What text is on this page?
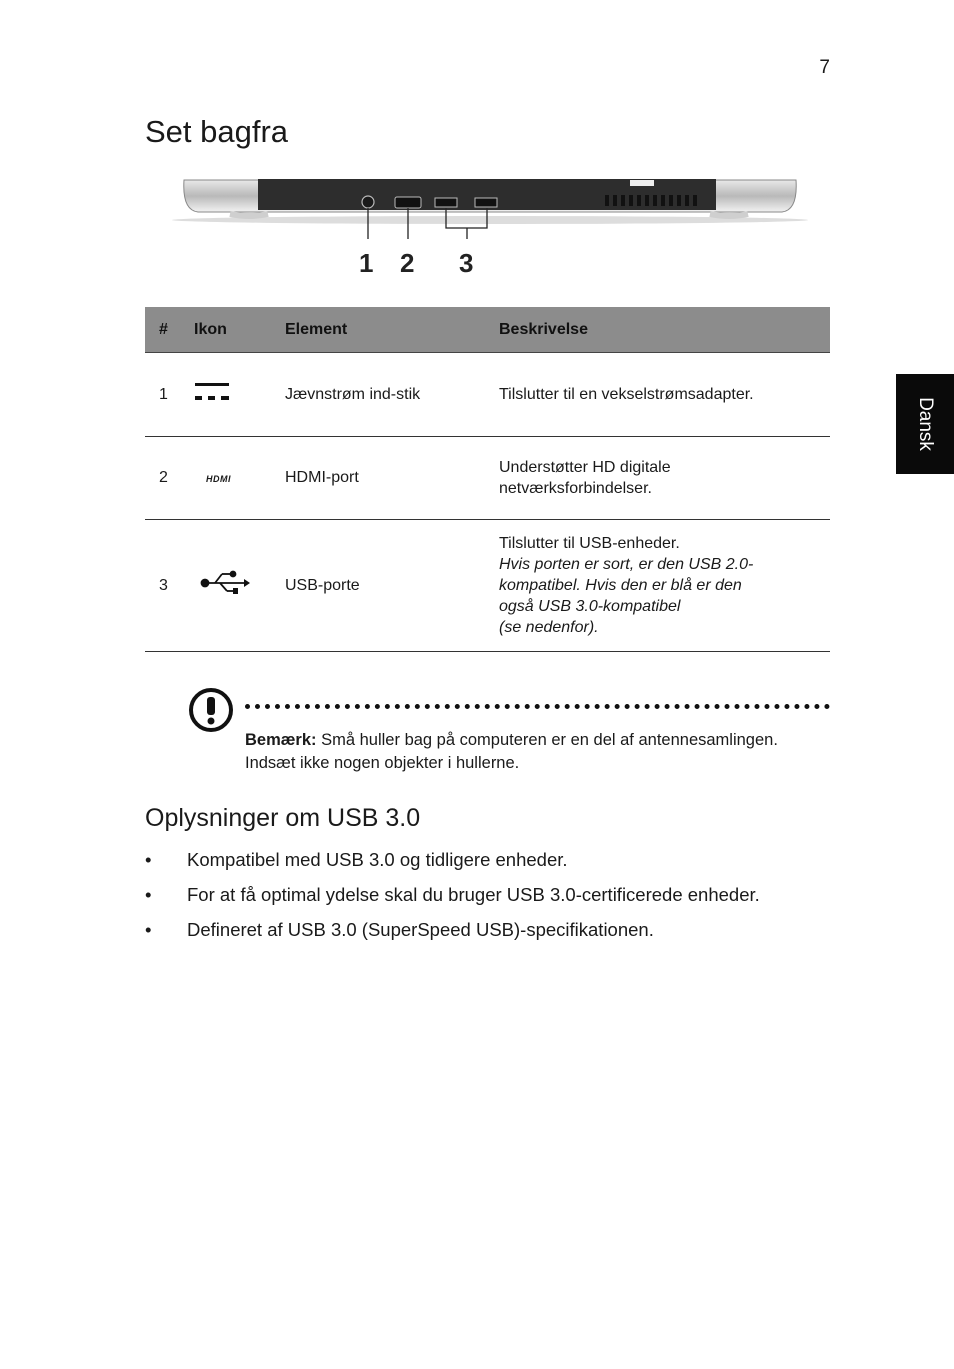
7
Set bagfra
Dansk
1 2 3
#	Ikon	Element	Beskrivelse
1		Jævnstrøm ind-stik	Tilslutter til en vekselstrømsadapter.

2	HDMI	HDMI-port	Understøtter HD digitale
netværksforbindelser.

3		USB-porte	Tilslutter til USB-enheder.
Hvis porten er sort, er den USB 2.0-
kompatibel. Hvis den er blå er den
også USB 3.0-kompatibel
(se nedenfor).
Bemærk: Små huller bag på computeren er en del af antennesamlingen. Indsæt ikke nogen objekter i hullerne.
Oplysninger om USB 3.0
• Kompatibel med USB 3.0 og tidligere enheder.
• For at få optimal ydelse skal du bruger USB 3.0-certificerede enheder.
• Defineret af USB 3.0 (SuperSpeed USB)-specifikationen.
